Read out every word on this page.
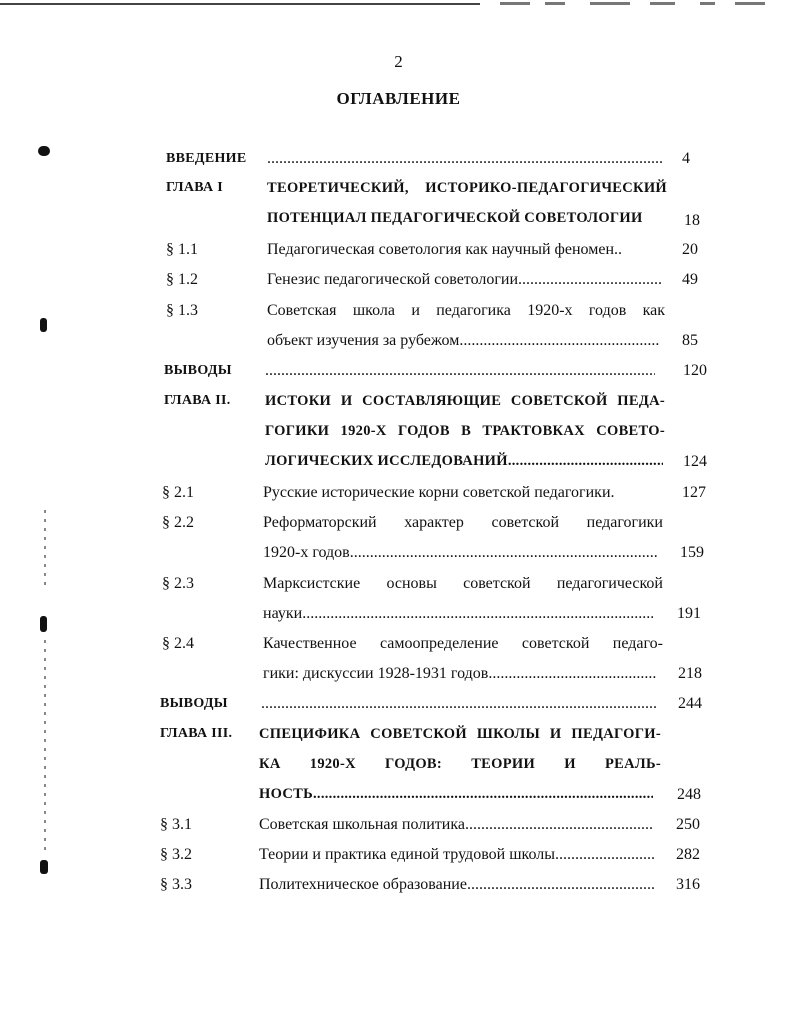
2
ОГЛАВЛЕНИЕ
ВВЕДЕНИЕ .....	4
ГЛАВА I	ТЕОРЕТИЧЕСКИЙ, ИСТОРИКО-ПЕДАГОГИЧЕСКИЙ
ПОТЕНЦИАЛ ПЕДАГОГИЧЕСКОЙ СОВЕТОЛОГИИ	18
§ 1.1	Педагогическая советология как научный феномен..	20
§ 1.2	Генезис педагогической советологии .....	49
§ 1.3	Советская школа и педагогика 1920-х годов как
объект изучения за рубежом .....	85
ВЫВОДЫ .....	120
ГЛАВА II. ИСТОКИ И СОСТАВЛЯЮЩИЕ СОВЕТСКОЙ ПЕДА-
ГОГИКИ 1920-Х ГОДОВ В ТРАКТОВКАХ СОВЕТО-
ЛОГИЧЕСКИХ ИССЛЕДОВАНИЙ .....	124
§ 2.1	Русские исторические корни советской педагогики.	127
§ 2.2	Реформаторский характер советской педагогики
1920-х годов .....	159
§ 2.3	Марксистские основы советской педагогической
науки .....	191
§ 2.4	Качественное самоопределение советской педаго-
гики: дискуссии 1928-1931 годов .....	218
ВЫВОДЫ .....	244
ГЛАВА III. СПЕЦИФИКА СОВЕТСКОЙ ШКОЛЫ И ПЕДАГОГИ-
КА 1920-Х ГОДОВ: ТЕОРИИ И РЕАЛЬ-
НОСТЬ .....	248
§ 3.1	Советская школьная политика .....	250
§ 3.2	Теории и практика единой трудовой школы .....	282
§ 3.3	Политехническое образование .....	316
